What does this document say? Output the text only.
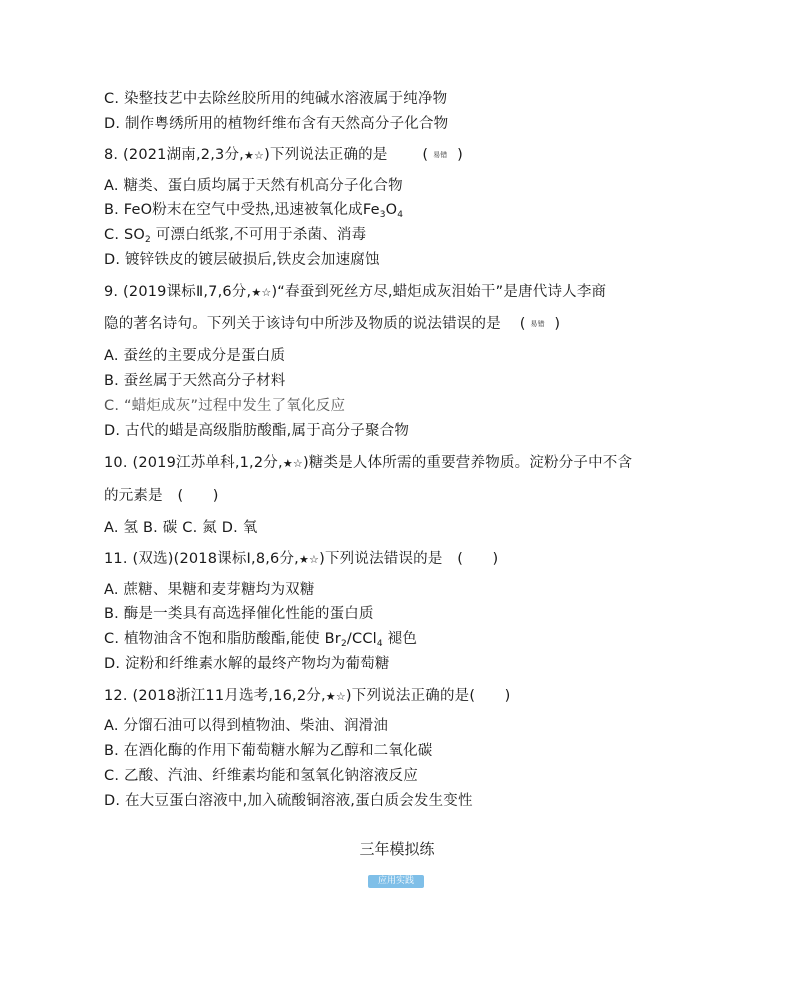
C. 染整技艺中去除丝胶所用的纯碱水溶液属于纯净物
D. 制作粤绣所用的植物纤维布含有天然高分子化合物
8. (2021湖南,2,3分,★☆)下列说法正确的是 ( 易错  )
A. 糖类、蛋白质均属于天然有机高分子化合物
B. FeO粉末在空气中受热,迅速被氧化成$Fe_3O_4$
C. $SO_2$ 可漂白纸浆,不可用于杀菌、消毒
D. 镀锌铁皮的镀层破损后,铁皮会加速腐蚀
9. (2019课标Ⅱ,7,6分,★☆)“春蚕到死丝方尽,蜡炬成灰泪始干”是唐代诗人李商
隐的著名诗句。下列关于该诗句中所涉及物质的说法错误的是 ( 易错  )
A. 蚕丝的主要成分是蛋白质
B. 蚕丝属于天然高分子材料
C. “蜡炬成灰”过程中发生了氧化反应
D. 古代的蜡是高级脂肪酸酯,属于高分子聚合物
10. (2019江苏单科,1,2分,★☆)糖类是人体所需的重要营养物质。淀粉分子中不含
的元素是　(　　)
A. 氢 B. 碳 C. 氮 D. 氧
11. (双选)(2018课标Ⅰ,8,6分,★☆)下列说法错误的是　(　　)
A. 蔗糖、果糖和麦芽糖均为双糖
B. 酶是一类具有高选择催化性能的蛋白质
C. 植物油含不饱和脂肪酸酯,能使 $Br_2/CCl_4$ 褪色
D. 淀粉和纤维素水解的最终产物均为葡萄糖
12. (2018浙江11月选考,16,2分,★☆)下列说法正确的是(　　)
A. 分馏石油可以得到植物油、柴油、润滑油
B. 在酒化酶的作用下葡萄糖水解为乙醇和二氧化碳
C. 乙酸、汽油、纤维素均能和氢氧化钠溶液反应
D. 在大豆蛋白溶液中,加入硫酸铜溶液,蛋白质会发生变性
三年模拟练
应用实践
